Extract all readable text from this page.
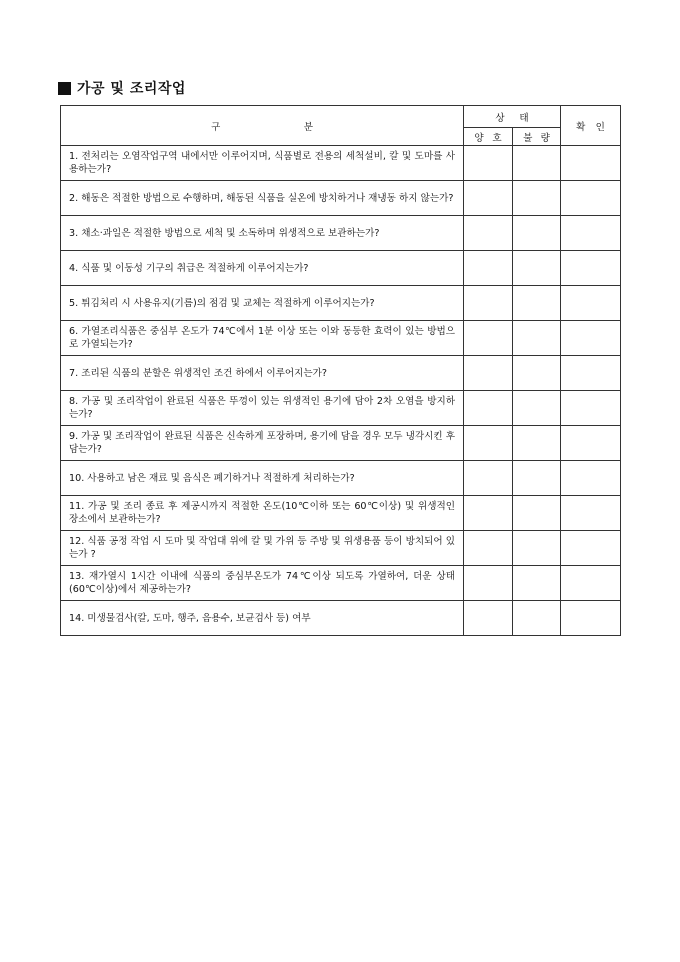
가공 및 조리작업
구 분	상 태		확 인

	양 호	불 량	

1. 전처리는 오염작업구역 내에서만 이루어지며, 식품별로 전용의 세척설비, 칼 및 도마를 사용하는가?			
2. 해동은 적절한 방법으로 수행하며, 해동된 식품을 실온에 방치하거나 재냉동 하지 않는가?			
3. 채소·과일은 적절한 방법으로 세척 및 소독하며 위생적으로 보관하는가?			
4. 식품 및 이동성 기구의 취급은 적절하게 이루어지는가?			
5. 튀김처리 시 사용유지(기름)의 점검 및 교체는 적절하게 이루어지는가?			
6. 가열조리식품은 중심부 온도가 74℃에서 1분 이상 또는 이와 동등한 효력이 있는 방법으로 가열되는가?			
7. 조리된 식품의 분할은 위생적인 조건 하에서 이루어지는가?			
8. 가공 및 조리작업이 완료된 식품은 뚜껑이 있는 위생적인 용기에 담아 2차 오염을 방지하는가?			
9. 가공 및 조리작업이 완료된 식품은 신속하게 포장하며, 용기에 담을 경우 모두 냉각시킨 후 담는가?			
10. 사용하고 남은 재료 및 음식은 폐기하거나 적절하게 처리하는가?			
11. 가공 및 조리 종료 후 제공시까지 적절한 온도(10℃이하 또는 60℃이상) 및 위생적인 장소에서 보관하는가?			
12. 식품 공정 작업 시 도마 및 작업대 위에 칼 및 가위 등 주방 및 위생용품 등이 방치되어 있는가 ?			
13. 재가열시 1시간 이내에 식품의 중심부온도가 74℃이상 되도록 가열하여, 더운 상태(60℃이상)에서 제공하는가?			
14. 미생물검사(칼, 도마, 행주, 음용수, 보균검사 등) 여부			
